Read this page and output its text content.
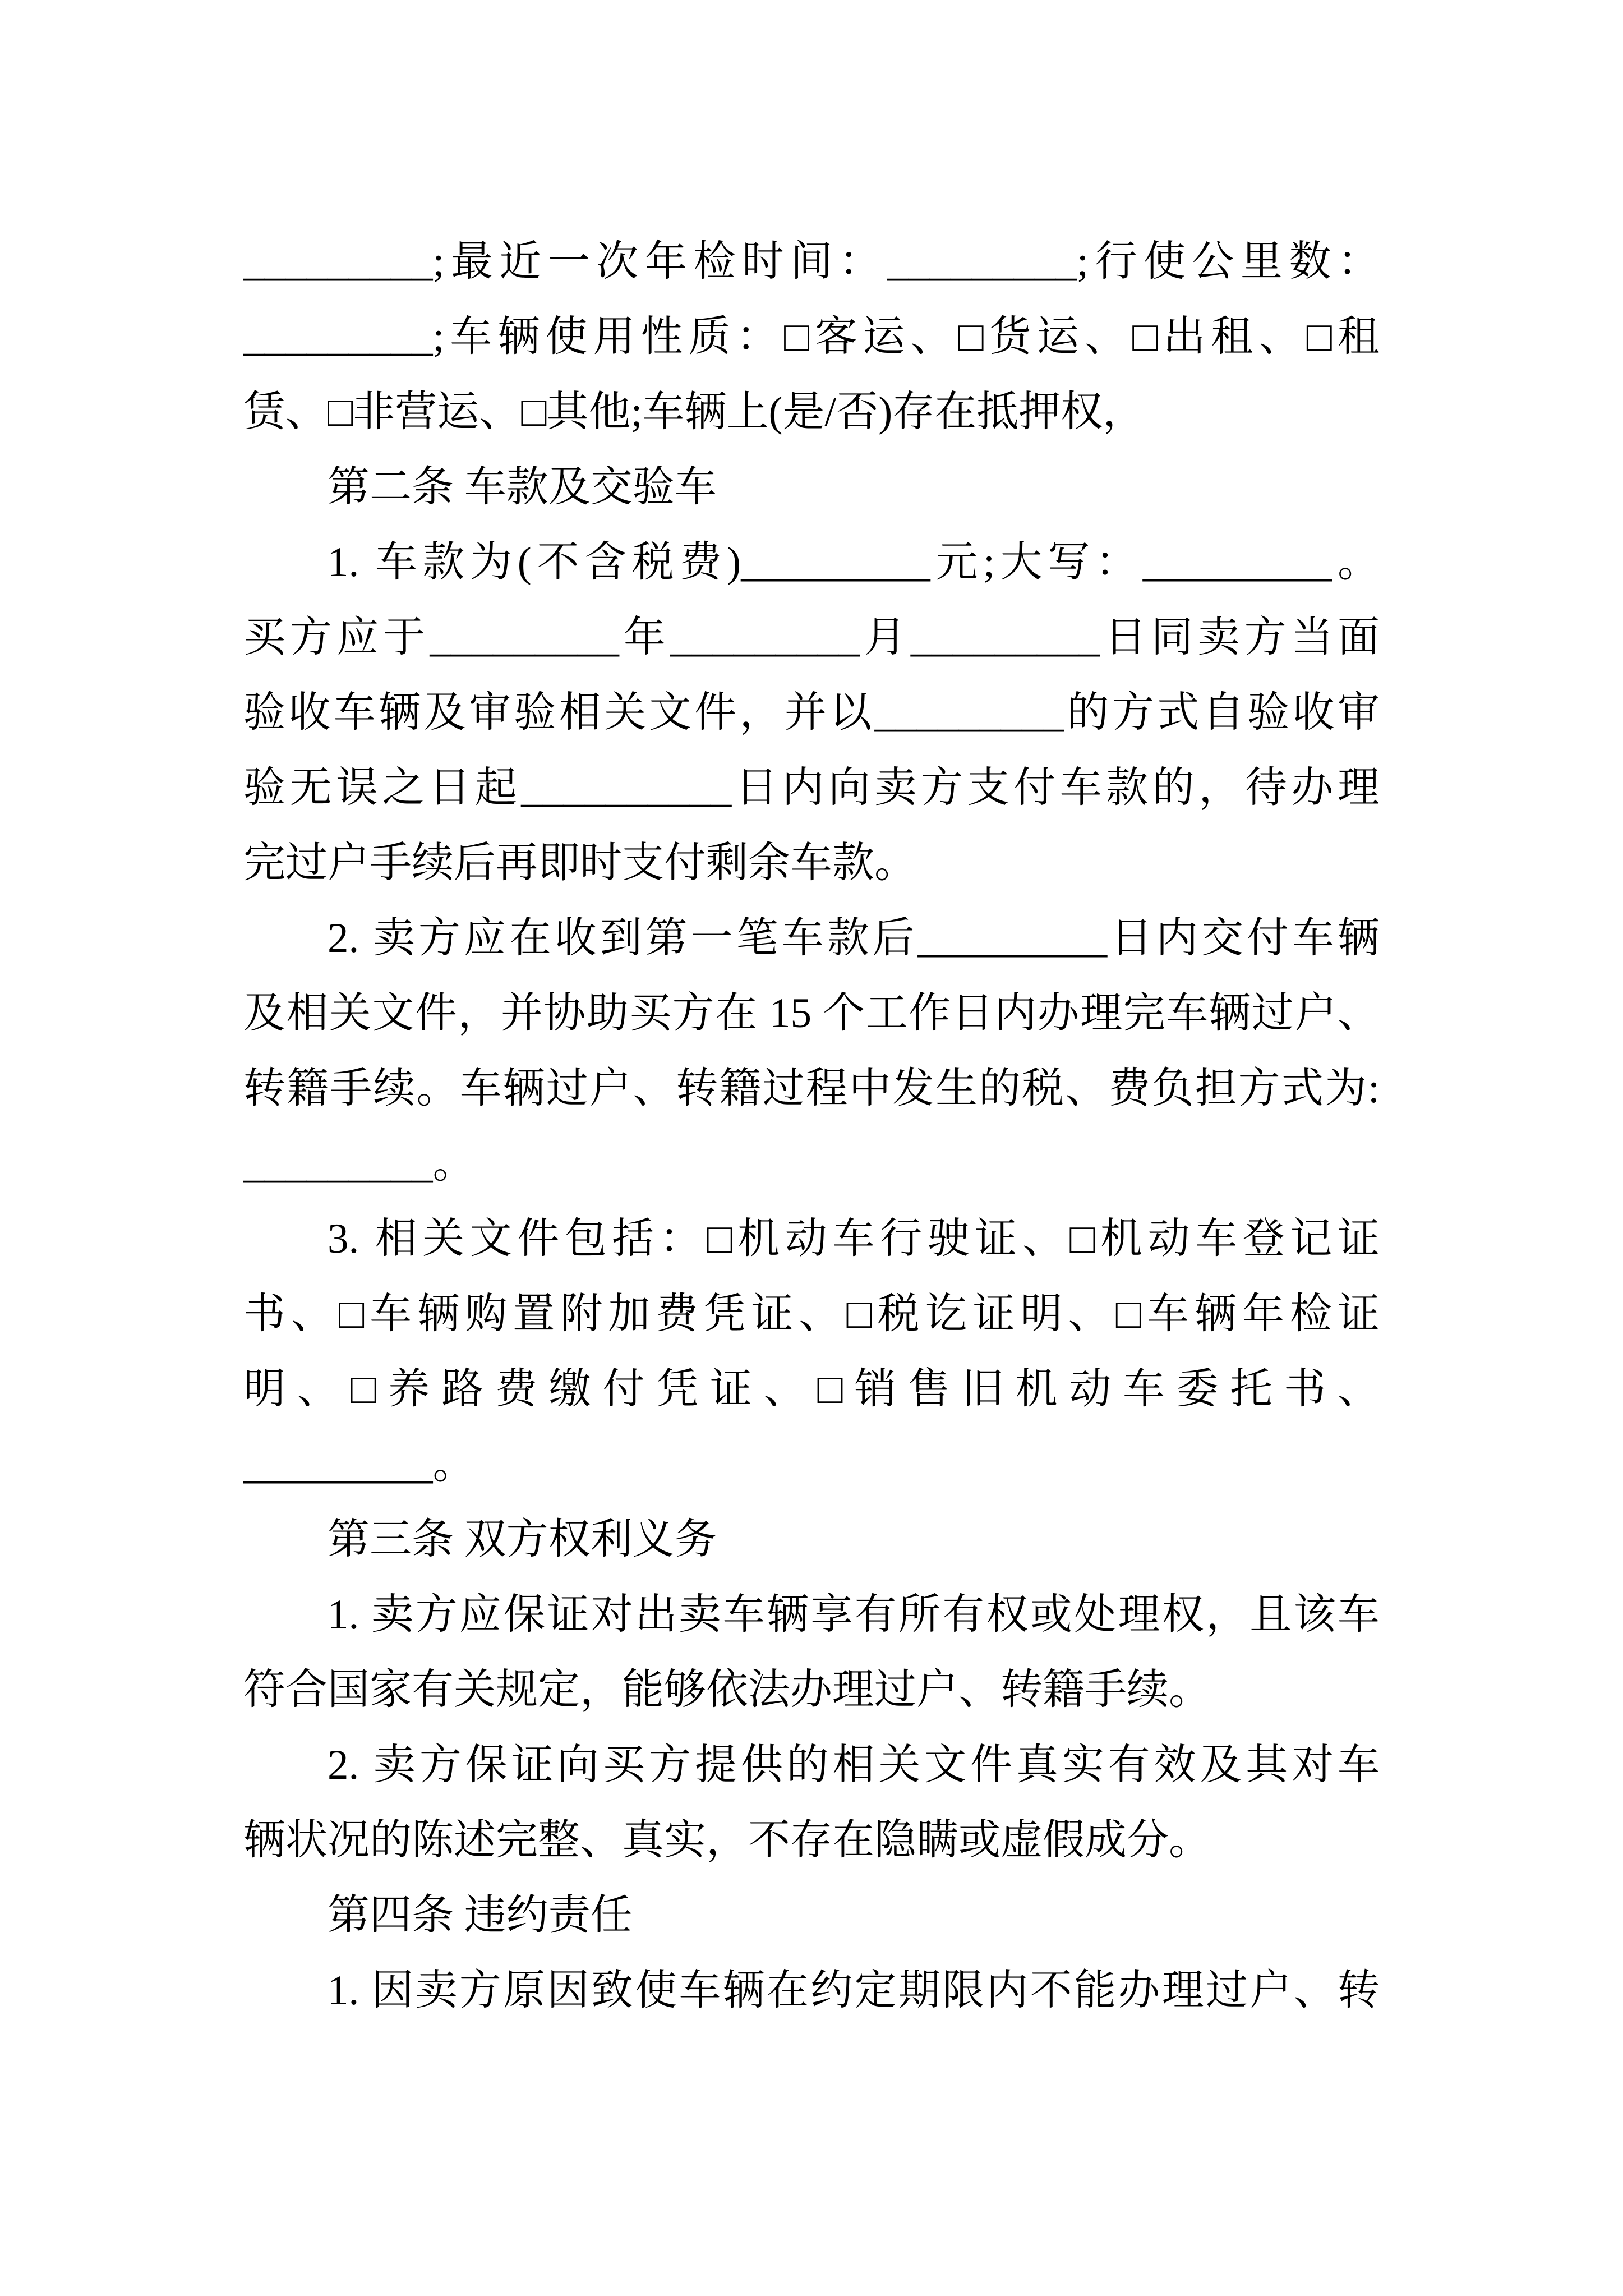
_________;最近一次年检时间：_________;行使公里数：
_________;车辆使用性质：□客运、□货运、□出租、□租
赁、□非营运、□其他;车辆上(是/否)存在抵押权，
第二条 车款及交验车
1. 车款为(不含税费)_________元;大写：_________。
买方应于_________年_________月_________日同卖方当面
验收车辆及审验相关文件，并以_________的方式自验收审
验无误之日起__________日内向卖方支付车款的，待办理
完过户手续后再即时支付剩余车款。
2. 卖方应在收到第一笔车款后_________日内交付车辆
及相关文件，并协助买方在 15 个工作日内办理完车辆过户、
转籍手续。车辆过户、转籍过程中发生的税、费负担方式为:
_________。
3. 相关文件包括：□机动车行驶证、□机动车登记证
书、□车辆购置附加费凭证、□税讫证明、□车辆年检证
明、□养路费缴付凭证、□销售旧机动车委托书、
_________。
第三条 双方权利义务
1. 卖方应保证对出卖车辆享有所有权或处理权，且该车
符合国家有关规定，能够依法办理过户、转籍手续。
2. 卖方保证向买方提供的相关文件真实有效及其对车
辆状况的陈述完整、真实，不存在隐瞒或虚假成分。
第四条 违约责任
1. 因卖方原因致使车辆在约定期限内不能办理过户、转
